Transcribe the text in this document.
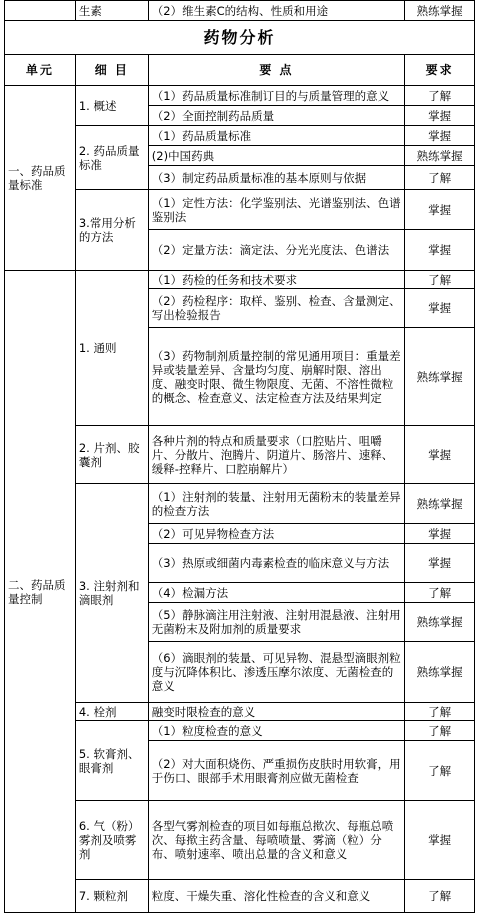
	生素	（2）维生素C的结构、性质和用途	熟练掌握
药物分析			
单元	细 目	要 点	要求
一、药品质量标准	1. 概述	（1）药品质量标准制订目的与质量管理的意义	了解
		（2）全面控制药品质量	掌握
	2. 药品质量标准	（1）药品质量标准	掌握
		(2)中国药典	熟练掌握
		（3）制定药品质量标准的基本原则与依据	了解
	3.常用分析的方法	（1）定性方法：化学鉴别法、光谱鉴别法、色谱鉴别法	掌握
		（2）定量方法：滴定法、分光光度法、色谱法	掌握
二、药品质量控制	1. 通则	（1）药检的任务和技术要求	了解
		（2）药检程序：取样、鉴别、检查、含量测定、写出检验报告	掌握
		（3）药物制剂质量控制的常见通用项目：重量差异或装量差异、含量均匀度、崩解时限、溶出度、融变时限、微生物限度、无菌、不溶性微粒的概念、检查意义、法定检查方法及结果判定	熟练掌握
	2. 片剂、胶囊剂	各种片剂的特点和质量要求（口腔贴片、咀嚼片、分散片、泡腾片、阴道片、肠溶片、速释、缓释-控释片、口腔崩解片）	掌握
	3. 注射剂和滴眼剂	（1）注射剂的装量、注射用无菌粉末的装量差异的检查方法	熟练掌握
		（2）可见异物检查方法	掌握
		（3）热原或细菌内毒素检查的临床意义与方法	掌握
		（4）检漏方法	了解
		（5）静脉滴注用注射液、注射用混悬液、注射用无菌粉末及附加剂的质量要求	熟练掌握
		（6）滴眼剂的装量、可见异物、混悬型滴眼剂粒度与沉降体积比、渗透压摩尔浓度、无菌检查的意义	熟练掌握
	4. 栓剂	融变时限检查的意义	了解
	5. 软膏剂、眼膏剂	（1）粒度检查的意义	了解
		（2）对大面积烧伤、严重损伤皮肤时用软膏，用于伤口、眼部手术用眼膏剂应做无菌检查	了解
	6. 气（粉）雾剂及喷雾剂	各型气雾剂检查的项目如每瓶总揿次、每瓶总喷次、每揿主药含量、每喷喷量、雾滴（粒）分布、喷射速率、喷出总量的含义和意义	掌握
	7. 颗粒剂	粒度、干燥失重、溶化性检查的含义和意义	了解
